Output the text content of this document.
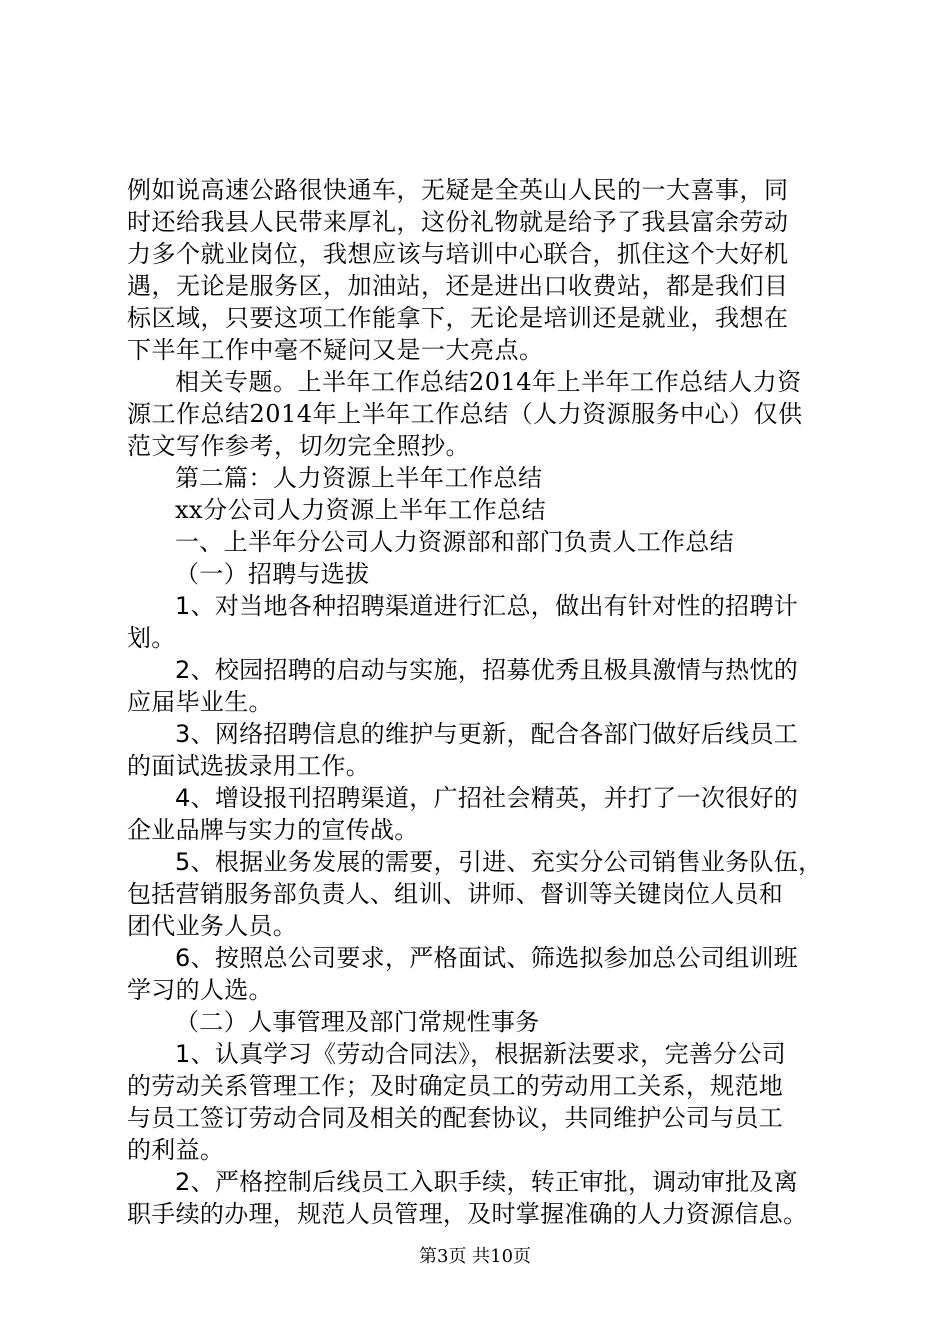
例如说高速公路很快通车，无疑是全英山人民的一大喜事，同
时还给我县人民带来厚礼，这份礼物就是给予了我县富余劳动
力多个就业岗位，我想应该与培训中心联合，抓住这个大好机
遇，无论是服务区，加油站，还是进出口收费站，都是我们目
标区域，只要这项工作能拿下，无论是培训还是就业，我想在
下半年工作中毫不疑问又是一大亮点。
相关专题。上半年工作总结2014年上半年工作总结人力资
源工作总结2014年上半年工作总结（人力资源服务中心）仅供
范文写作参考，切勿完全照抄。
第二篇：人力资源上半年工作总结
xx分公司人力资源上半年工作总结
一、上半年分公司人力资源部和部门负责人工作总结
（一）招聘与选拔
1、对当地各种招聘渠道进行汇总，做出有针对性的招聘计
划。
2、校园招聘的启动与实施，招募优秀且极具激情与热忱的
应届毕业生。
3、网络招聘信息的维护与更新，配合各部门做好后线员工
的面试选拔录用工作。
4、增设报刊招聘渠道，广招社会精英，并打了一次很好的
企业品牌与实力的宣传战。
5、根据业务发展的需要，引进、充实分公司销售业务队伍，
包括营销服务部负责人、组训、讲师、督训等关键岗位人员和
团代业务人员。
6、按照总公司要求，严格面试、筛选拟参加总公司组训班
学习的人选。
（二）人事管理及部门常规性事务
1、认真学习《劳动合同法》，根据新法要求，完善分公司
的劳动关系管理工作；及时确定员工的劳动用工关系，规范地
与员工签订劳动合同及相关的配套协议，共同维护公司与员工
的利益。
2、严格控制后线员工入职手续，转正审批，调动审批及离
职手续的办理，规范人员管理，及时掌握准确的人力资源信息。
第3页 共10页
